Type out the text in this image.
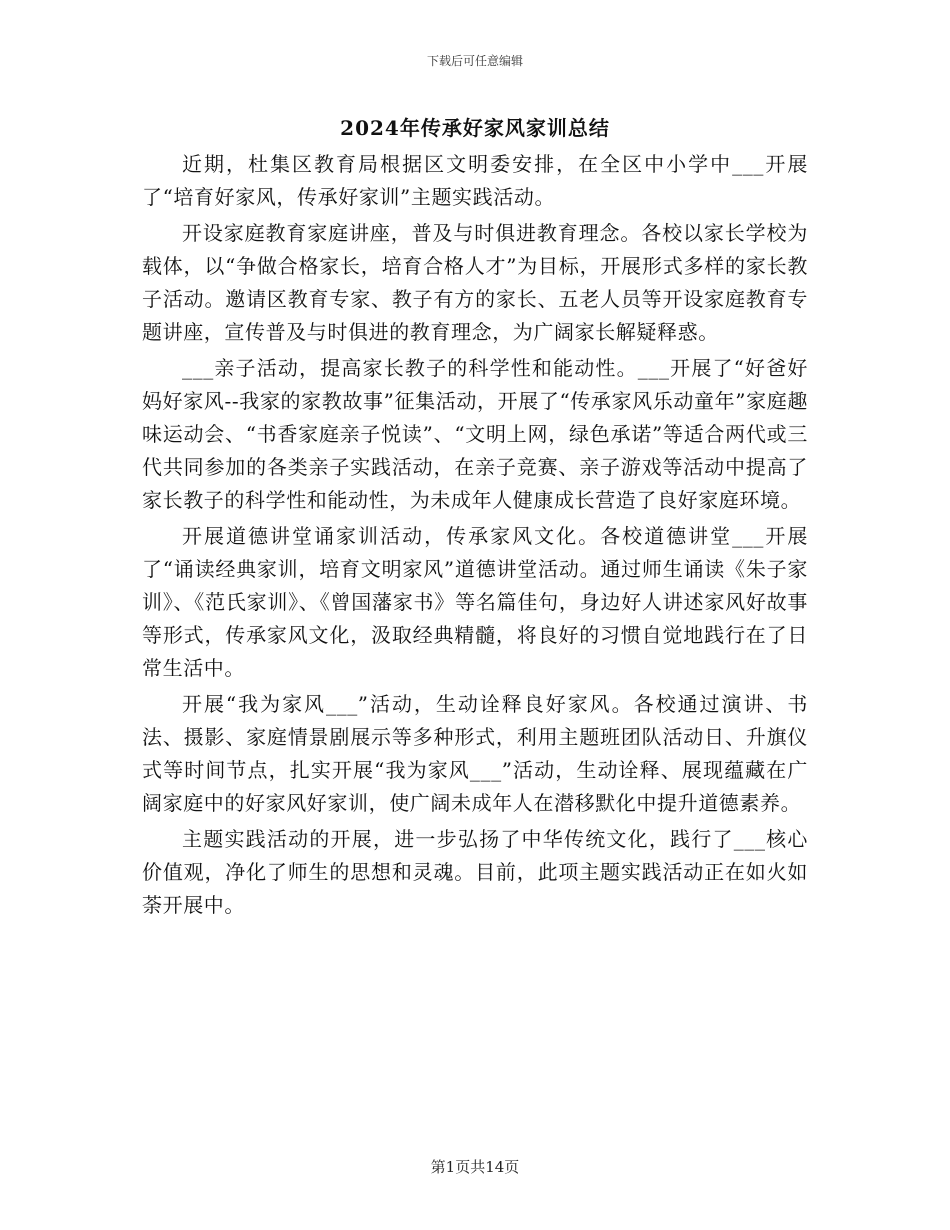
下载后可任意编辑
2024年传承好家风家训总结

近期，杜集区教育局根据区文明委安排，在全区中小学中___开展了“培育好家风，传承好家训”主题实践活动。

开设家庭教育家庭讲座，普及与时俱进教育理念。各校以家长学校为载体，以“争做合格家长，培育合格人才”为目标，开展形式多样的家长教子活动。邀请区教育专家、教子有方的家长、五老人员等开设家庭教育专题讲座，宣传普及与时俱进的教育理念，为广阔家长解疑释惑。

___亲子活动，提高家长教子的科学性和能动性。___开展了“好爸好妈好家风--我家的家教故事”征集活动，开展了“传承家风乐动童年”家庭趣味运动会、“书香家庭亲子悦读”、“文明上网，绿色承诺”等适合两代或三代共同参加的各类亲子实践活动，在亲子竞赛、亲子游戏等活动中提高了家长教子的科学性和能动性，为未成年人健康成长营造了良好家庭环境。

开展道德讲堂诵家训活动，传承家风文化。各校道德讲堂___开展了“诵读经典家训，培育文明家风”道德讲堂活动。通过师生诵读《朱子家训》、《范氏家训》、《曾国藩家书》等名篇佳句，身边好人讲述家风好故事等形式，传承家风文化，汲取经典精髓，将良好的习惯自觉地践行在了日常生活中。

开展“我为家风___”活动，生动诠释良好家风。各校通过演讲、书法、摄影、家庭情景剧展示等多种形式，利用主题班团队活动日、升旗仪式等时间节点，扎实开展“我为家风___”活动，生动诠释、展现蕴藏在广阔家庭中的好家风好家训，使广阔未成年人在潜移默化中提升道德素养。

主题实践活动的开展，进一步弘扬了中华传统文化，践行了___核心价值观，净化了师生的思想和灵魂。目前，此项主题实践活动正在如火如荼开展中。

第1页共14页
